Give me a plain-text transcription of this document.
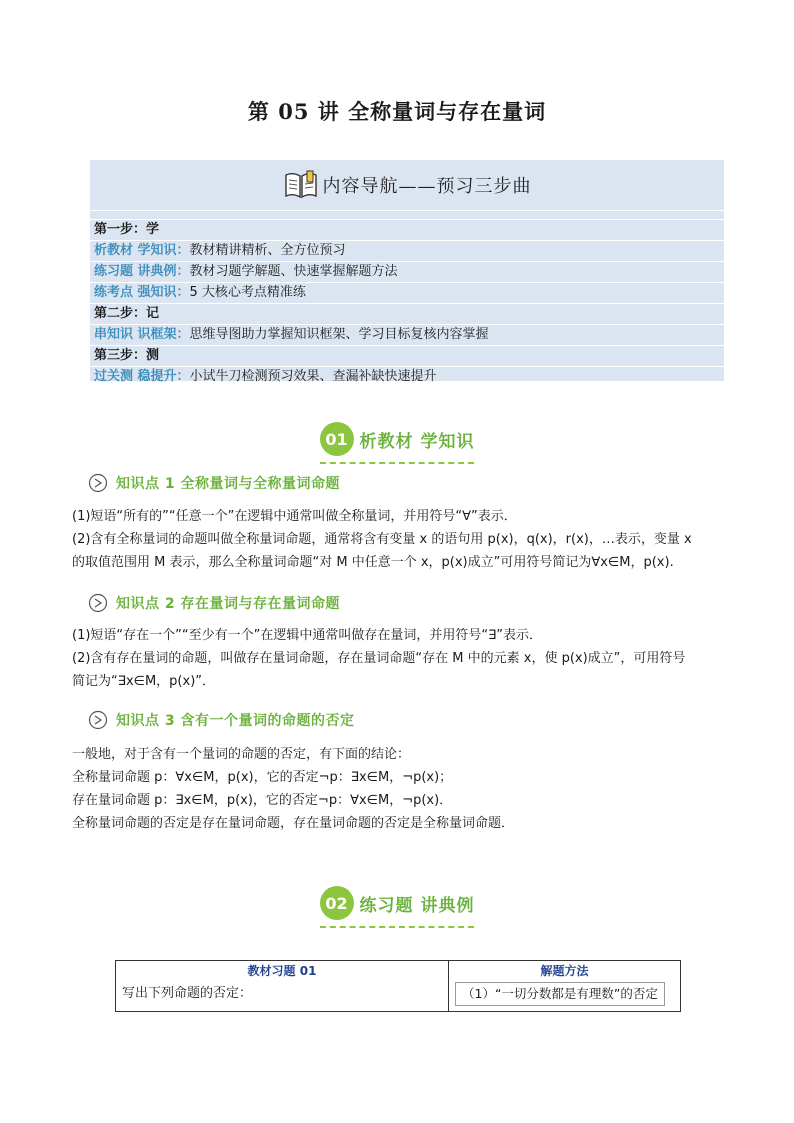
第 05 讲 全称量词与存在量词
内容导航——预习三步曲
第一步：学
析教材 学知识：教材精讲精析、全方位预习
练习题 讲典例：教材习题学解题、快速掌握解题方法
练考点 强知识：5 大核心考点精准练
第二步：记
串知识 识框架：思维导图助力掌握知识框架、学习目标复核内容掌握
第三步：测
过关测 稳提升：小试牛刀检测预习效果、查漏补缺快速提升
01 析教材 学知识
知识点 1 全称量词与全称量词命题
(1)短语“所有的”“任意一个”在逻辑中通常叫做全称量词，并用符号“∀”表示．
(2)含有全称量词的命题叫做全称量词命题，通常将含有变量 x 的语句用 p(x)，q(x)，r(x)，…表示，变量 x
的取值范围用 M 表示，那么全称量词命题“对 M 中任意一个 x，p(x)成立”可用符号简记为∀x∈M，p(x).
知识点 2 存在量词与存在量词命题
(1)短语“存在一个”“至少有一个”在逻辑中通常叫做存在量词，并用符号“∃”表示．
(2)含有存在量词的命题，叫做存在量词命题，存在量词命题“存在 M 中的元素 x，使 p(x)成立”，可用符号
简记为“∃x∈M，p(x)”．
知识点 3 含有一个量词的命题的否定
一般地，对于含有一个量词的命题的否定，有下面的结论：
全称量词命题 p：∀x∈M，p(x)，它的否定¬p：∃x∈M，¬p(x)；
存在量词命题 p：∃x∈M，p(x)，它的否定¬p：∀x∈M，¬p(x)．
全称量词命题的否定是存在量词命题，存在量词命题的否定是全称量词命题．
02 练习题 讲典例
教材习题 01
写出下列命题的否定：
解题方法
（1）“一切分数都是有理数”的否定
